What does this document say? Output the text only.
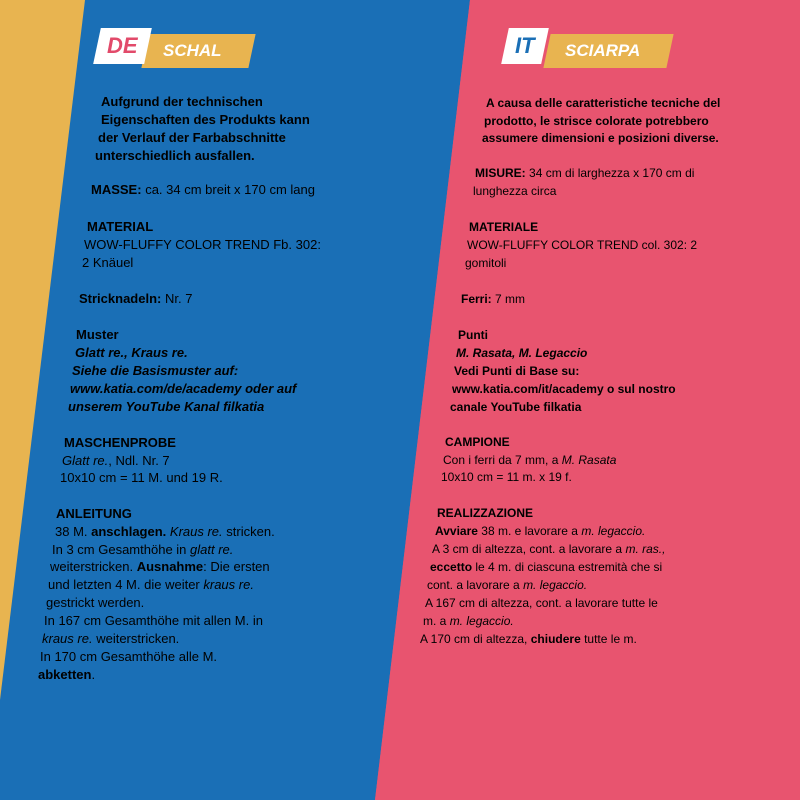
SCHAL
DE	SCIARPA
IT
Aufgrund der technischen
Eigenschaften des Produkts kann
der Verlauf der Farbabschnitte
unterschiedlich ausfallen.
MASSE: ca. 34 cm breit x 170 cm lang
MATERIAL
WOW-FLUFFY COLOR TREND Fb. 302:
2 Knäuel
Stricknadeln: Nr. 7
Muster
Glatt re., Kraus re.
Siehe die Basismuster auf:
www.katia.com/de/academy oder auf
unserem YouTube Kanal filkatia
MASCHENPROBE
Glatt re., Ndl. Nr. 7
10x10 cm = 11 M. und 19 R.
ANLEITUNG
38 M. anschlagen. Kraus re. stricken.
In 3 cm Gesamthöhe in glatt re.
weiterstricken. Ausnahme: Die ersten
und letzten 4 M. die weiter kraus re.
gestrickt werden.
In 167 cm Gesamthöhe mit allen M. in
kraus re. weiterstricken.
In 170 cm Gesamthöhe alle M.
abketten.
A causa delle caratteristiche tecniche del
prodotto, le strisce colorate potrebbero
assumere dimensioni e posizioni diverse.
MISURE: 34 cm di larghezza x 170 cm di
lunghezza circa
MATERIALE
WOW-FLUFFY COLOR TREND col. 302: 2
gomitoli
Ferri: 7 mm
Punti
M. Rasata, M. Legaccio
Vedi Punti di Base su:
www.katia.com/it/academy o sul nostro
canale YouTube filkatia
CAMPIONE
Con i ferri da 7 mm, a M. Rasata
10x10 cm = 11 m. x 19 f.
REALIZZAZIONE
Avviare 38 m. e lavorare a m. legaccio.
A 3 cm di altezza, cont. a lavorare a m. ras.,
eccetto le 4 m. di ciascuna estremità che si
cont. a lavorare a m. legaccio.
A 167 cm di altezza, cont. a lavorare tutte le
m. a m. legaccio.
A 170 cm di altezza, chiudere tutte le m.
